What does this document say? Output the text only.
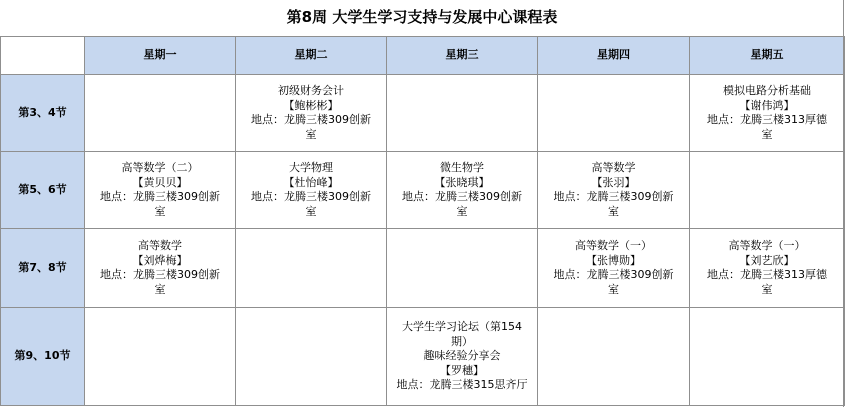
第8周 大学生学习支持与发展中心课程表
	星期一	星期二	星期三	星期四	星期五
第3、4节		初级财务会计
【鲍彬彬】
地点：龙腾三楼309创新
室			模拟电路分析基础
【谢伟鸿】
地点：龙腾三楼313厚德
室

第5、6节	高等数学（二）
【黄贝贝】
地点：龙腾三楼309创新
室	大学物理
【杜怡峰】
地点：龙腾三楼309创新
室	微生物学
【张晓琪】
地点：龙腾三楼309创新
室	高等数学
【张羽】
地点：龙腾三楼309创新
室	

第7、8节	高等数学
【刘烨梅】
地点：龙腾三楼309创新
室			高等数学（一）
【张博勋】
地点：龙腾三楼309创新
室	高等数学（一）
【刘艺欣】
地点：龙腾三楼313厚德
室

第9、10节			大学生学习论坛（第154
期）
趣味经验分享会
【罗穗】
地点：龙腾三楼315思齐厅		
